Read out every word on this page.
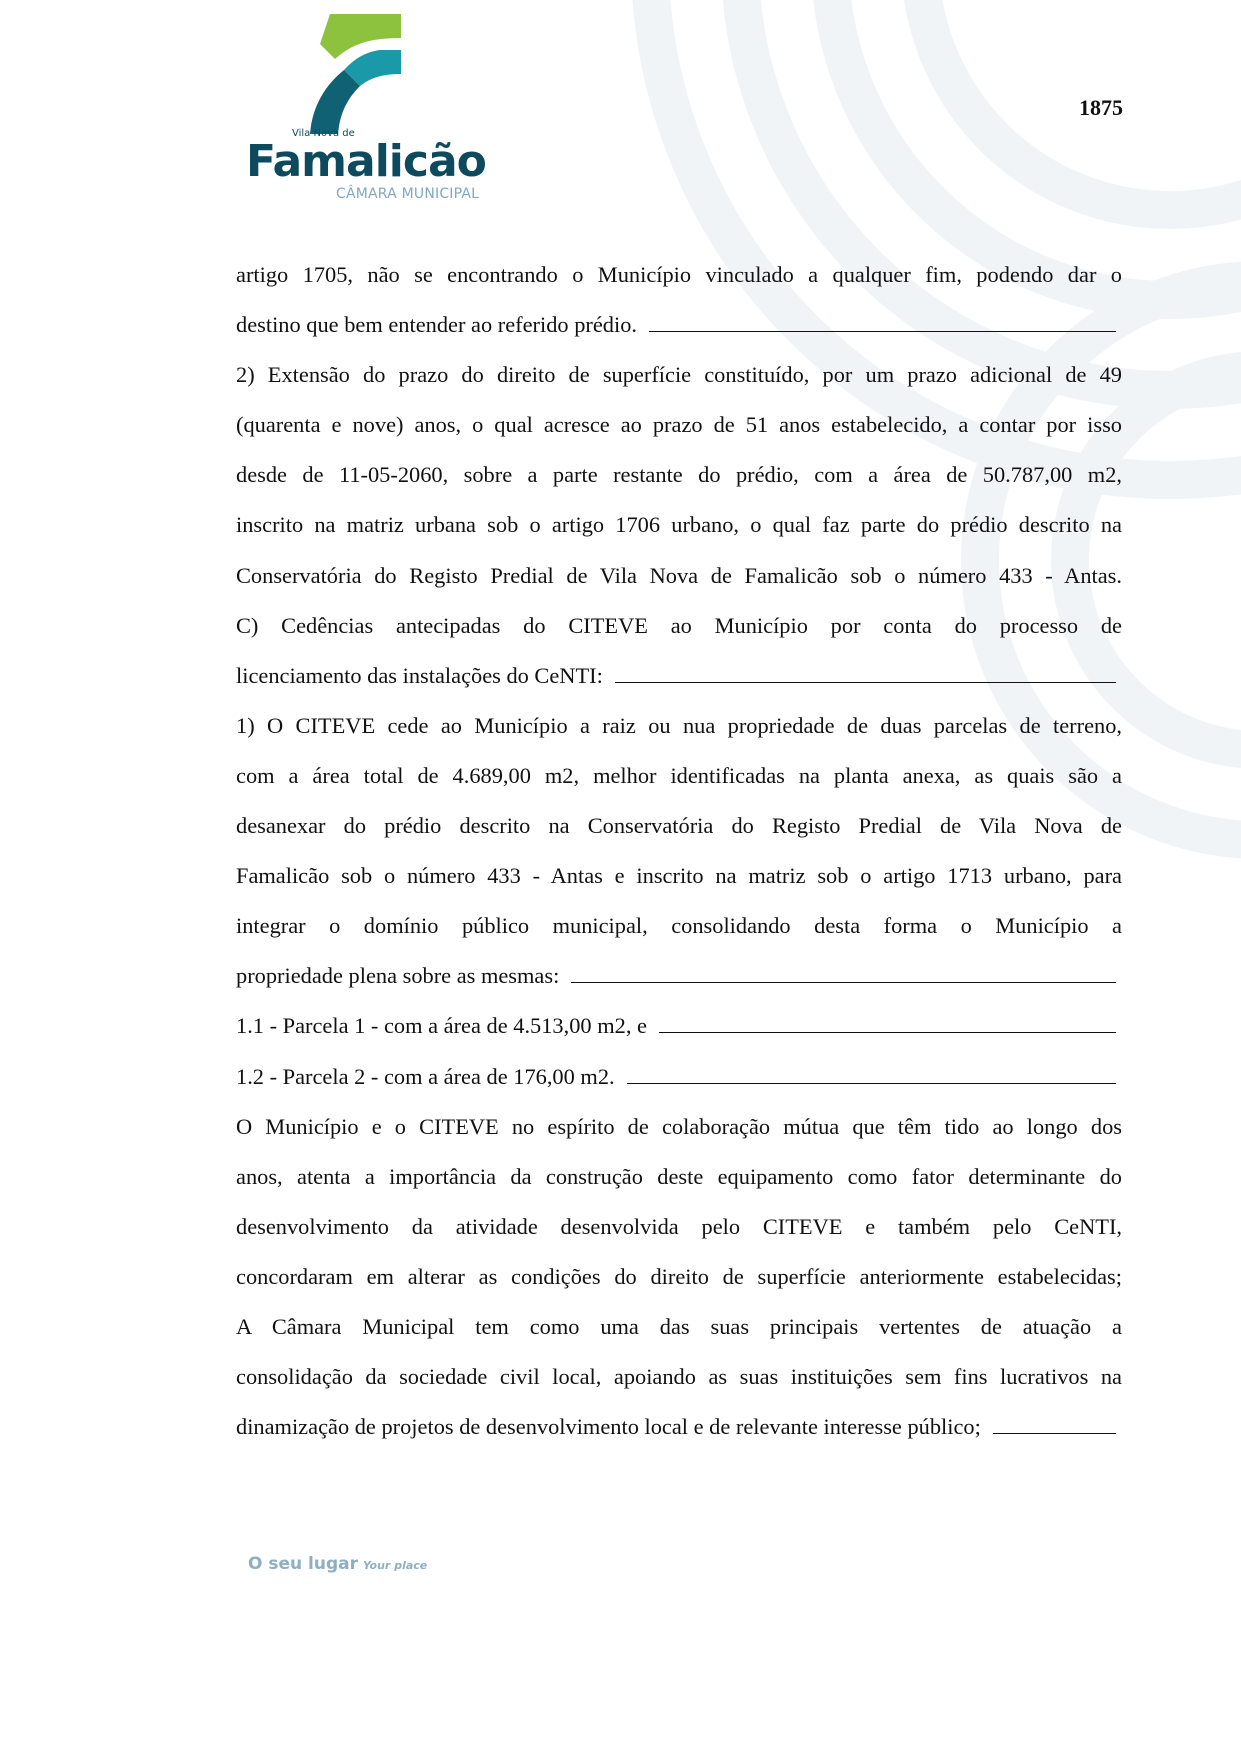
Vila Nova de
Famalicão
CÂMARA MUNICIPAL
1875
artigo 1705, não se encontrando o Município vinculado a qualquer fim, podendo dar o
destino que bem entender ao referido prédio.
2) Extensão do prazo do direito de superfície constituído, por um prazo adicional de 49
(quarenta e nove) anos, o qual acresce ao prazo de 51 anos estabelecido, a contar por isso
desde de 11-05-2060, sobre a parte restante do prédio, com a área de 50.787,00 m2,
inscrito na matriz urbana sob o artigo 1706 urbano, o qual faz parte do prédio descrito na
Conservatória do Registo Predial de Vila Nova de Famalicão sob o número 433 - Antas.
C) Cedências antecipadas do CITEVE ao Município por conta do processo de
licenciamento das instalações do CeNTI:
1) O CITEVE cede ao Município a raiz ou nua propriedade de duas parcelas de terreno,
com a área total de 4.689,00 m2, melhor identificadas na planta anexa, as quais são a
desanexar do prédio descrito na Conservatória do Registo Predial de Vila Nova de
Famalicão sob o número 433 - Antas e inscrito na matriz sob o artigo 1713 urbano, para
integrar o domínio público municipal, consolidando desta forma o Município a
propriedade plena sobre as mesmas:
1.1 - Parcela 1 - com a área de 4.513,00 m2, e
1.2 - Parcela 2 - com a área de 176,00 m2.
O Município e o CITEVE no espírito de colaboração mútua que têm tido ao longo dos
anos, atenta a importância da construção deste equipamento como fator determinante do
desenvolvimento da atividade desenvolvida pelo CITEVE e também pelo CeNTI,
concordaram em alterar as condições do direito de superfície anteriormente estabelecidas;
A Câmara Municipal tem como uma das suas principais vertentes de atuação a
consolidação da sociedade civil local, apoiando as suas instituições sem fins lucrativos na
dinamização de projetos de desenvolvimento local e de relevante interesse público;
O seu lugar Your place
